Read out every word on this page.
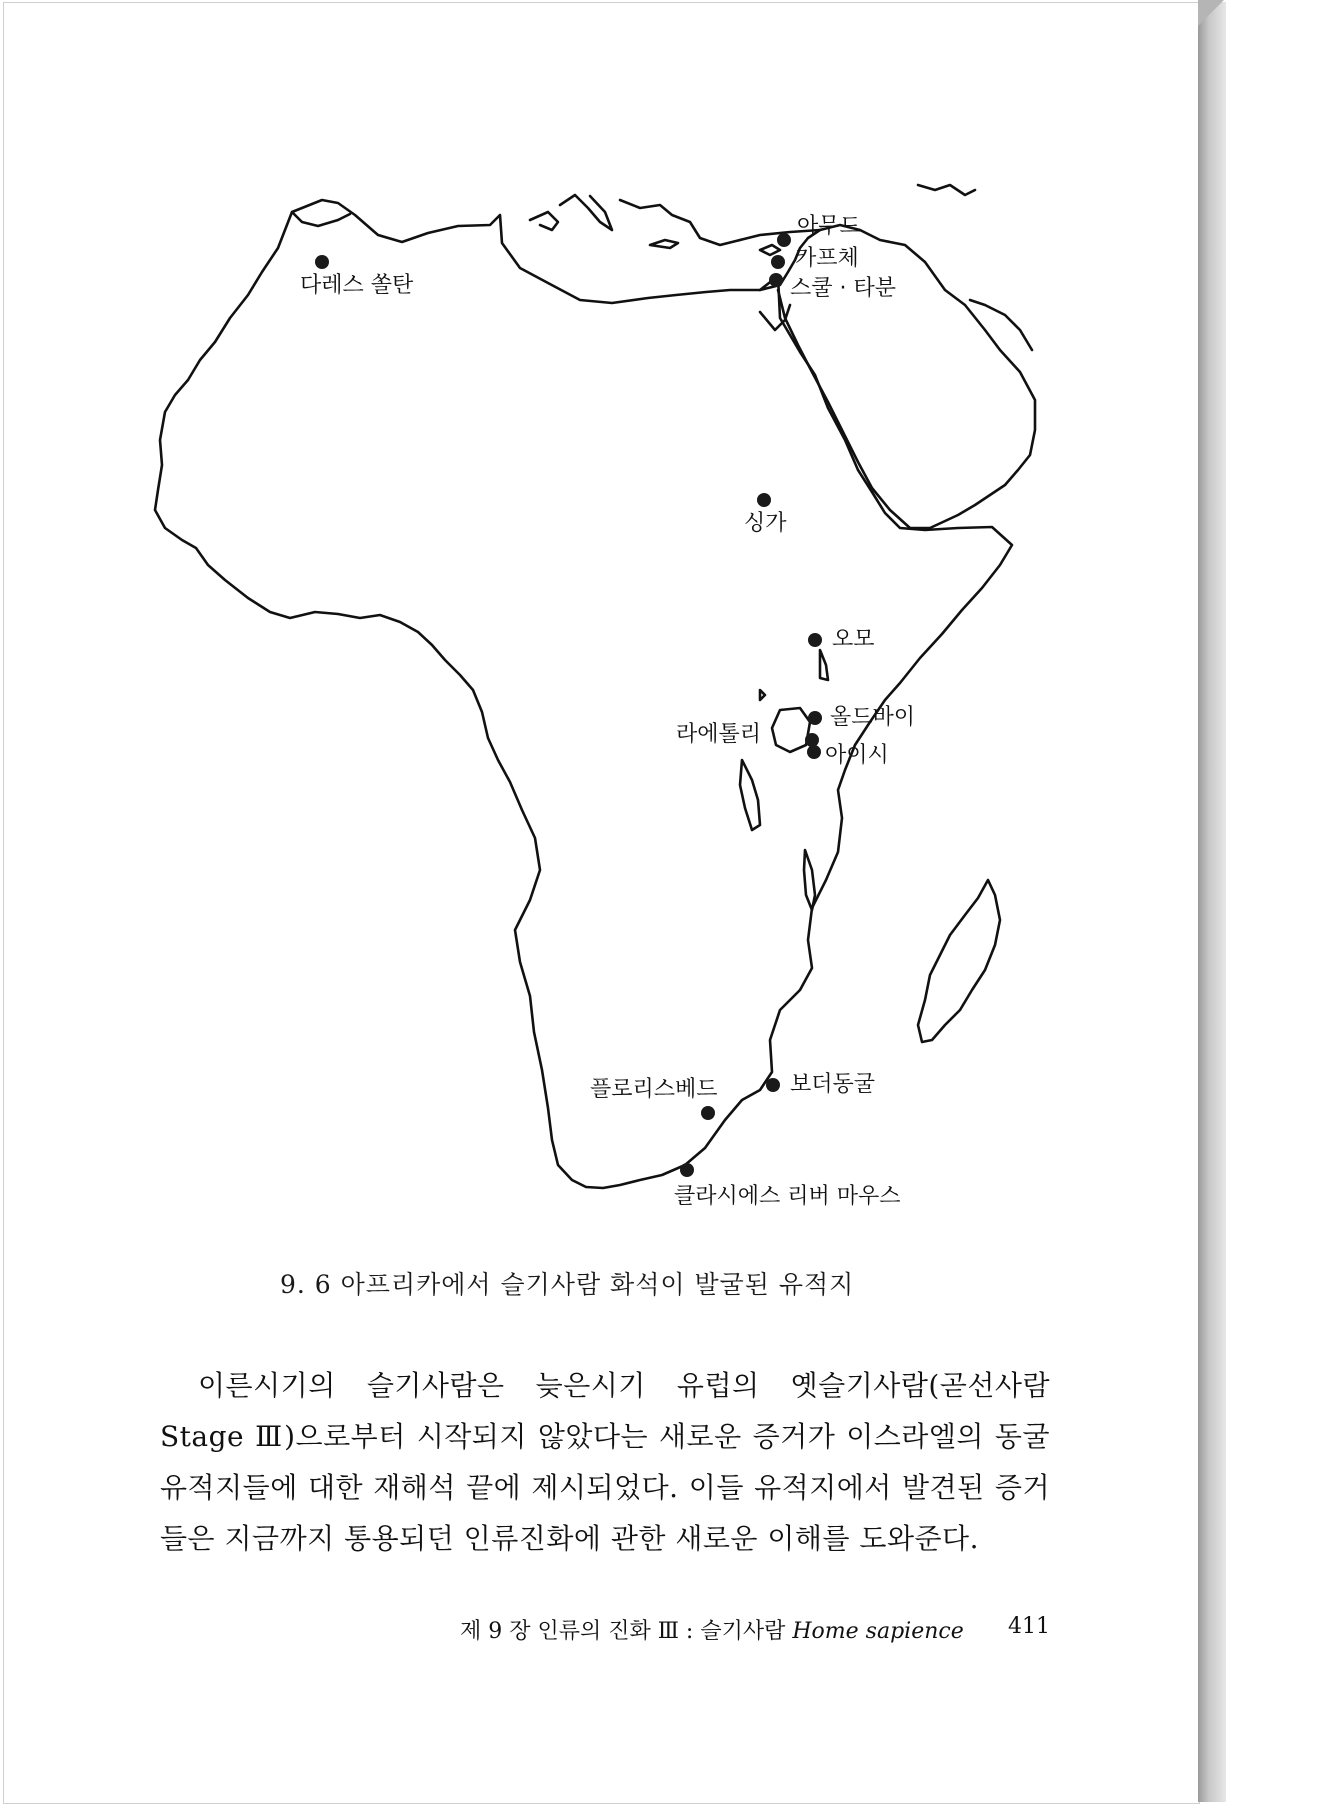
아무드
카프체
스쿨 · 타분
다레스 쏠탄
싱가
오모
올드바이
라에톨리
아이시
보더동굴
플로리스베드
클라시에스 리버 마우스
9. 6 아프리카에서 슬기사람 화석이 발굴된 유적지
이른시기의 슬기사람은 늦은시기 유럽의 옛슬기사람(곧선사람 Stage Ⅲ)으로부터 시작되지 않았다는 새로운 증거가 이스라엘의 동굴 유적지들에 대한 재해석 끝에 제시되었다. 이들 유적지에서 발견된 증거들은 지금까지 통용되던 인류진화에 관한 새로운 이해를 도와준다.
제 9 장 인류의 진화 Ⅲ : 슬기사람 Home sapience 411
